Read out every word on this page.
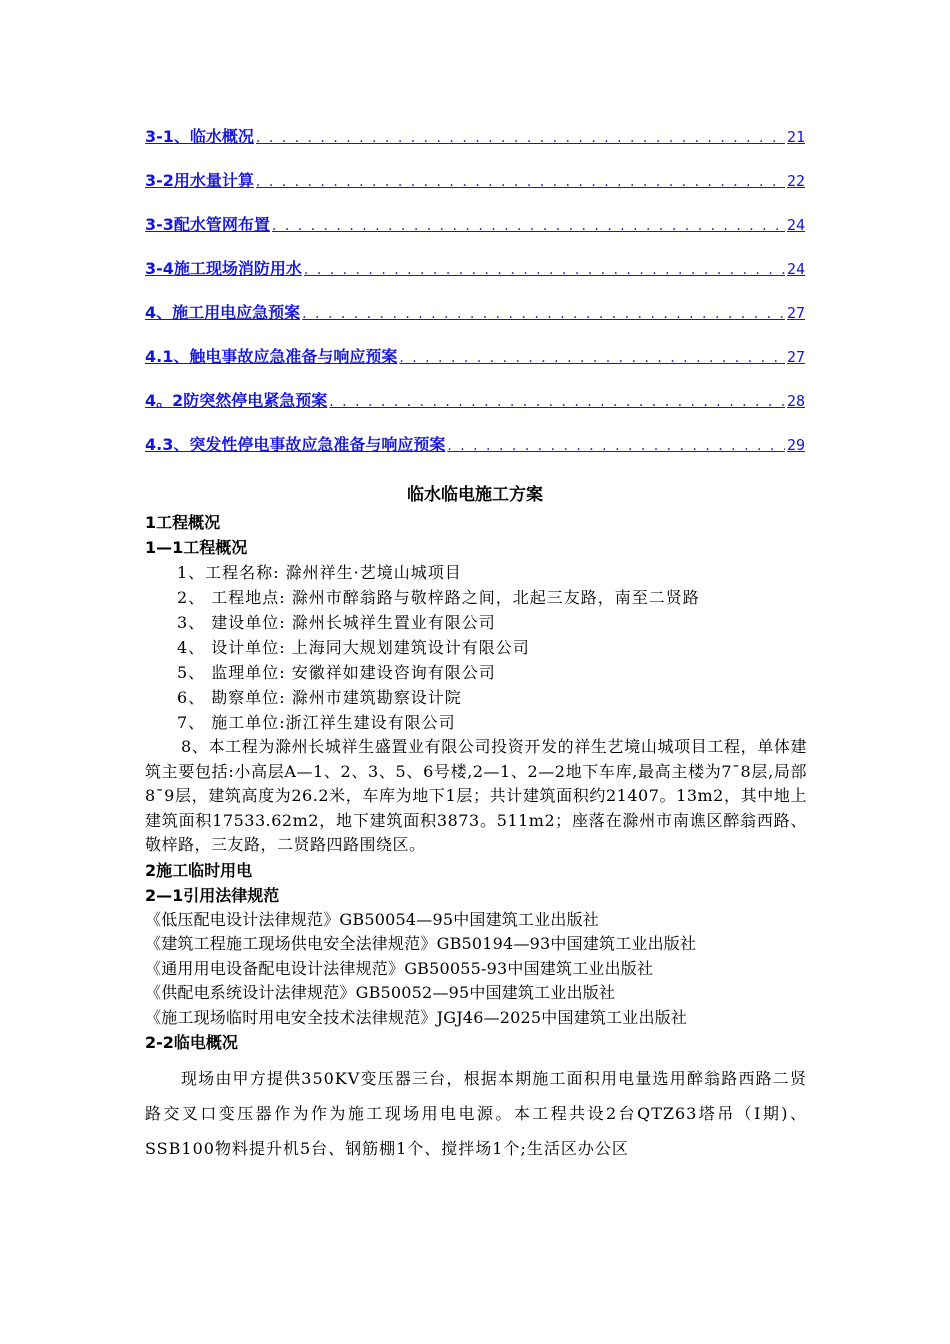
3-1、临水概况 . . .	21
3-2用水量计算 . . .	22
3-3配水管网布置 . . .	24
3-4施工现场消防用水 . . .	24
4、施工用电应急预案 . . .	27
4.1、触电事故应急准备与响应预案 . . .	27
4。2防突然停电紧急预案 . . .	28
4.3、突发性停电事故应急准备与响应预案 . . .	29
临水临电施工方案
1工程概况
1—1工程概况
1、工程名称: 滁州祥生·艺境山城项目
2、 工程地点: 滁州市醉翁路与敬梓路之间，北起三友路，南至二贤路
3、 建设单位: 滁州长城祥生置业有限公司
4、 设计单位: 上海同大规划建筑设计有限公司
5、 监理单位: 安徽祥如建设咨询有限公司
6、 勘察单位: 滁州市建筑勘察设计院
7、 施工单位:浙江祥生建设有限公司
8、本工程为滁州长城祥生盛置业有限公司投资开发的祥生艺境山城项目工程，单体建筑主要包括:小高层A—1、2、3、5、6号楼,2—1、2—2地下车库,最高主楼为7¯8层,局部8¯9层，建筑高度为26.2米，车库为地下1层；共计建筑面积约21407。13m2，其中地上建筑面积17533.62m2，地下建筑面积3873。511m2；座落在滁州市南谯区醉翁西路、敬梓路，三友路，二贤路四路围绕区。
2施工临时用电
2—1引用法律规范
《低压配电设计法律规范》GB50054—95中国建筑工业出版社
《建筑工程施工现场供电安全法律规范》GB50194—93中国建筑工业出版社
《通用用电设备配电设计法律规范》GB50055-93中国建筑工业出版社
《供配电系统设计法律规范》GB50052—95中国建筑工业出版社
《施工现场临时用电安全技术法律规范》JGJ46—2025中国建筑工业出版社
2-2临电概况
现场由甲方提供350KV变压器三台，根据本期施工面积用电量选用醉翁路西路二贤路交叉口变压器作为作为施工现场用电电源。本工程共设2台QTZ63塔吊（I期)、SSB100物料提升机5台、钢筋棚1个、搅拌场1个;生活区办公区
